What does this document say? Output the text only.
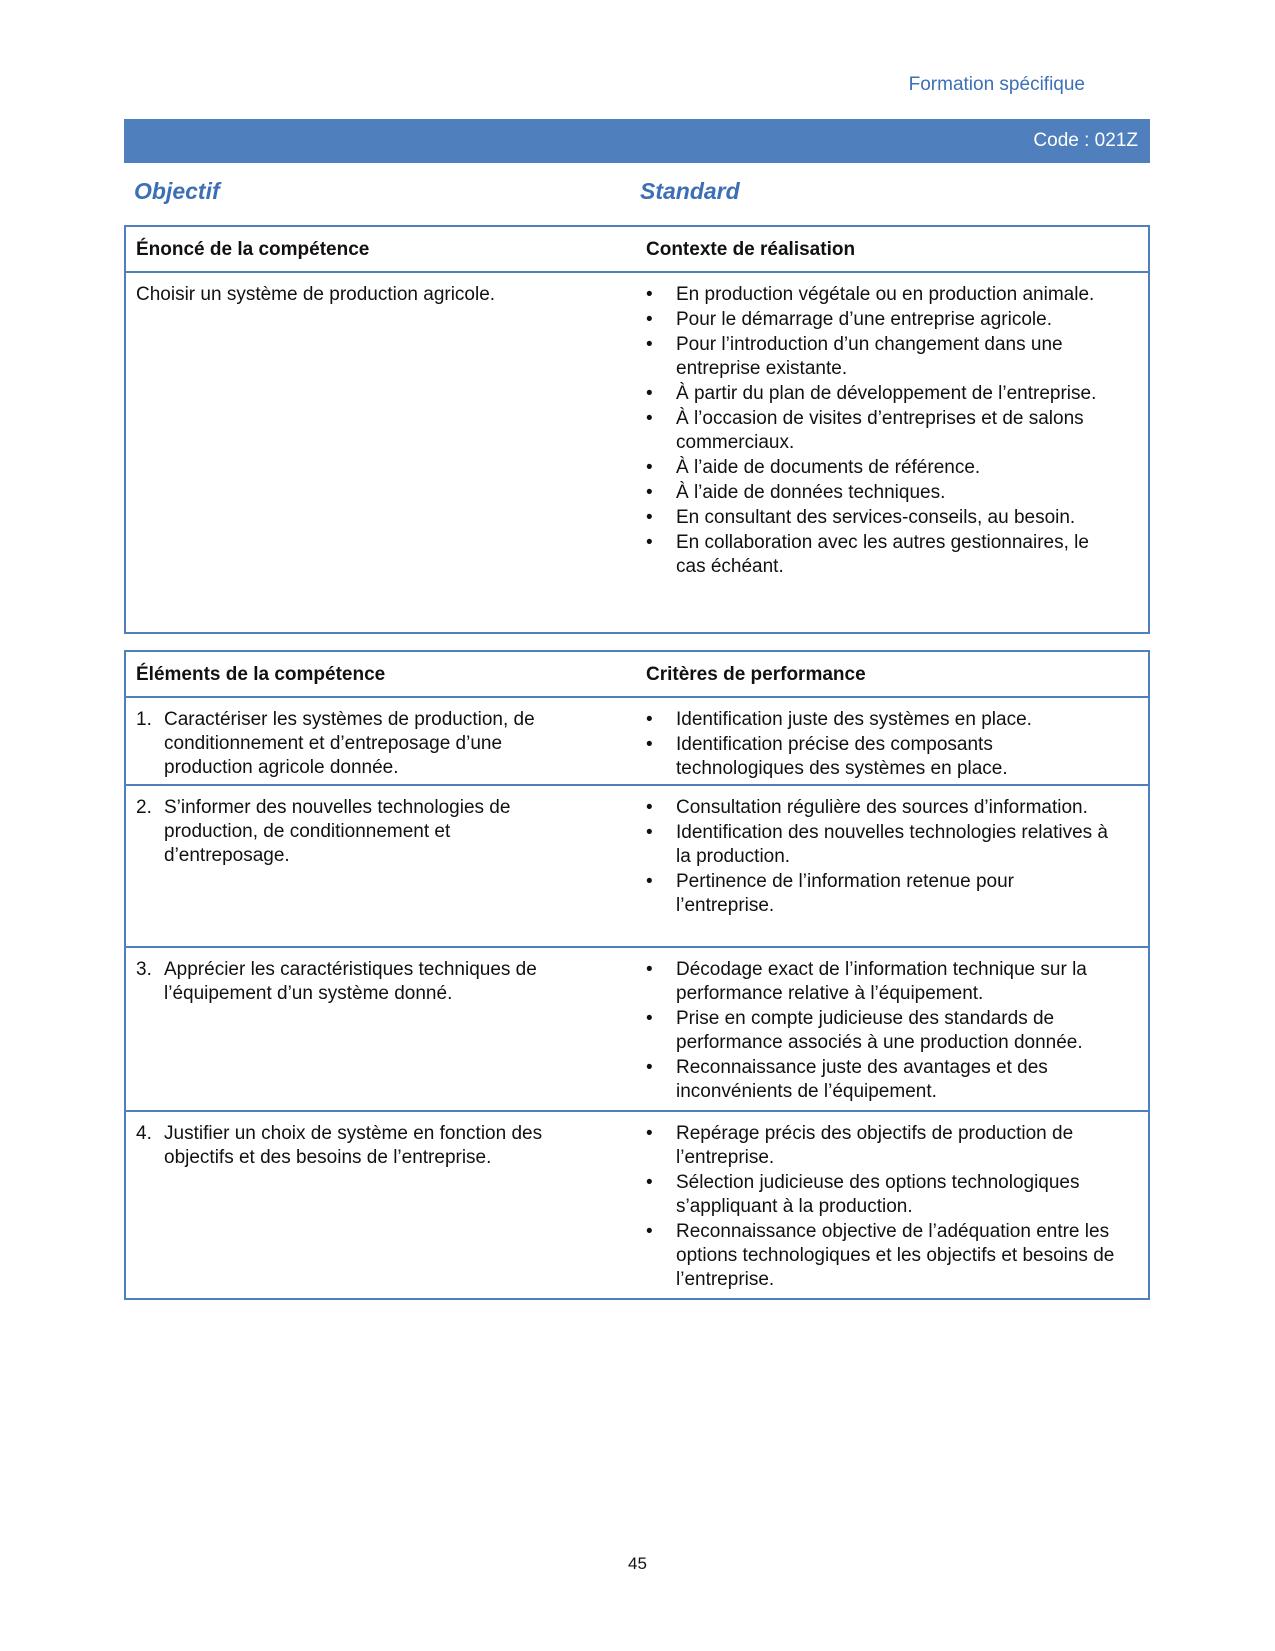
Formation spécifique
Code : 021Z
Objectif	Standard
Énoncé de la compétence	Contexte de réalisation
Choisir un système de production agricole.
•	En production végétale ou en production animale.
• Pour le démarrage d’une entreprise agricole.
• Pour l’introduction d’un changement dans une entreprise existante.
• À partir du plan de développement de l’entreprise.
• À l’occasion de visites d’entreprises et de salons commerciaux.
• À l’aide de documents de référence.
• À l’aide de données techniques.
• En consultant des services-conseils, au besoin.
• En collaboration avec les autres gestionnaires, le cas échéant.
Éléments de la compétence	Critères de performance
1. Caractériser les systèmes de production, de conditionnement et d’entreposage d’une production agricole donnée.
• Identification juste des systèmes en place.
• Identification précise des composants technologiques des systèmes en place.
2. S’informer des nouvelles technologies de production, de conditionnement et d’entreposage.
• Consultation régulière des sources d’information.
• Identification des nouvelles technologies relatives à la production.
• Pertinence de l’information retenue pour l’entreprise.
3. Apprécier les caractéristiques techniques de l’équipement d’un système donné.
• Décodage exact de l’information technique sur la performance relative à l’équipement.
• Prise en compte judicieuse des standards de performance associés à une production donnée.
• Reconnaissance juste des avantages et des inconvénients de l’équipement.
4. Justifier un choix de système en fonction des objectifs et des besoins de l’entreprise.
• Repérage précis des objectifs de production de l’entreprise.
• Sélection judicieuse des options technologiques s’appliquant à la production.
• Reconnaissance objective de l’adéquation entre les options technologiques et les objectifs et besoins de l’entreprise.
45
